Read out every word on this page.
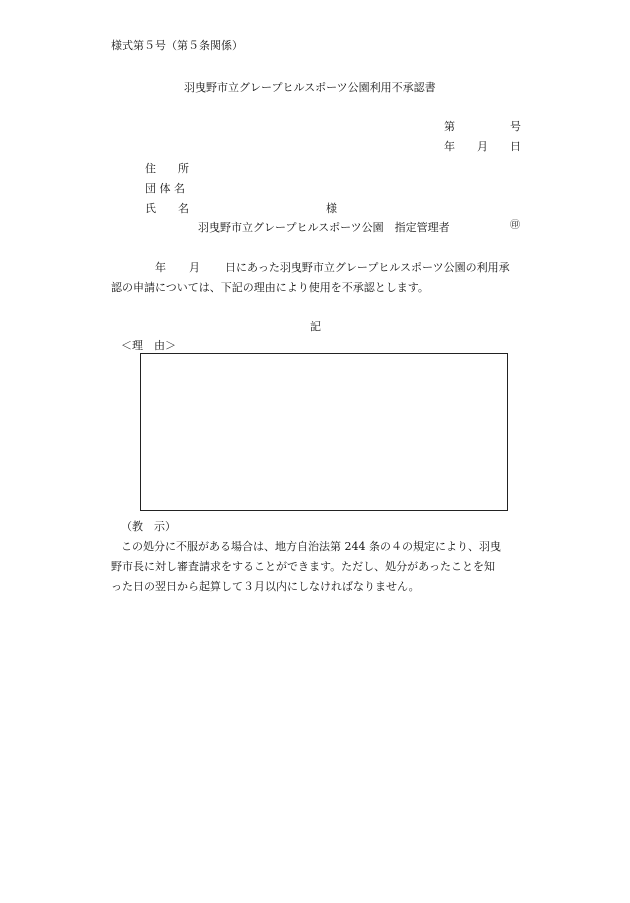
様式第５号（第５条関係）
羽曳野市立グレープヒルスポーツ公園利用不承認書
第	号
年 月 日
住　　所
団 体 名
氏　　名	様
羽曳野市立グレープヒルスポーツ公園　指定管理者	㊞
年 月 日にあった羽曳野市立グレープヒルスポーツ公園の利用承
認の申請については、下記の理由により使用を不承認とします。
記
＜理　由＞
（教　示）
この処分に不服がある場合は、地方自治法第 244 条の４の規定により、羽曳
野市長に対し審査請求をすることができます。ただし、処分があったことを知
った日の翌日から起算して３月以内にしなければなりません。
